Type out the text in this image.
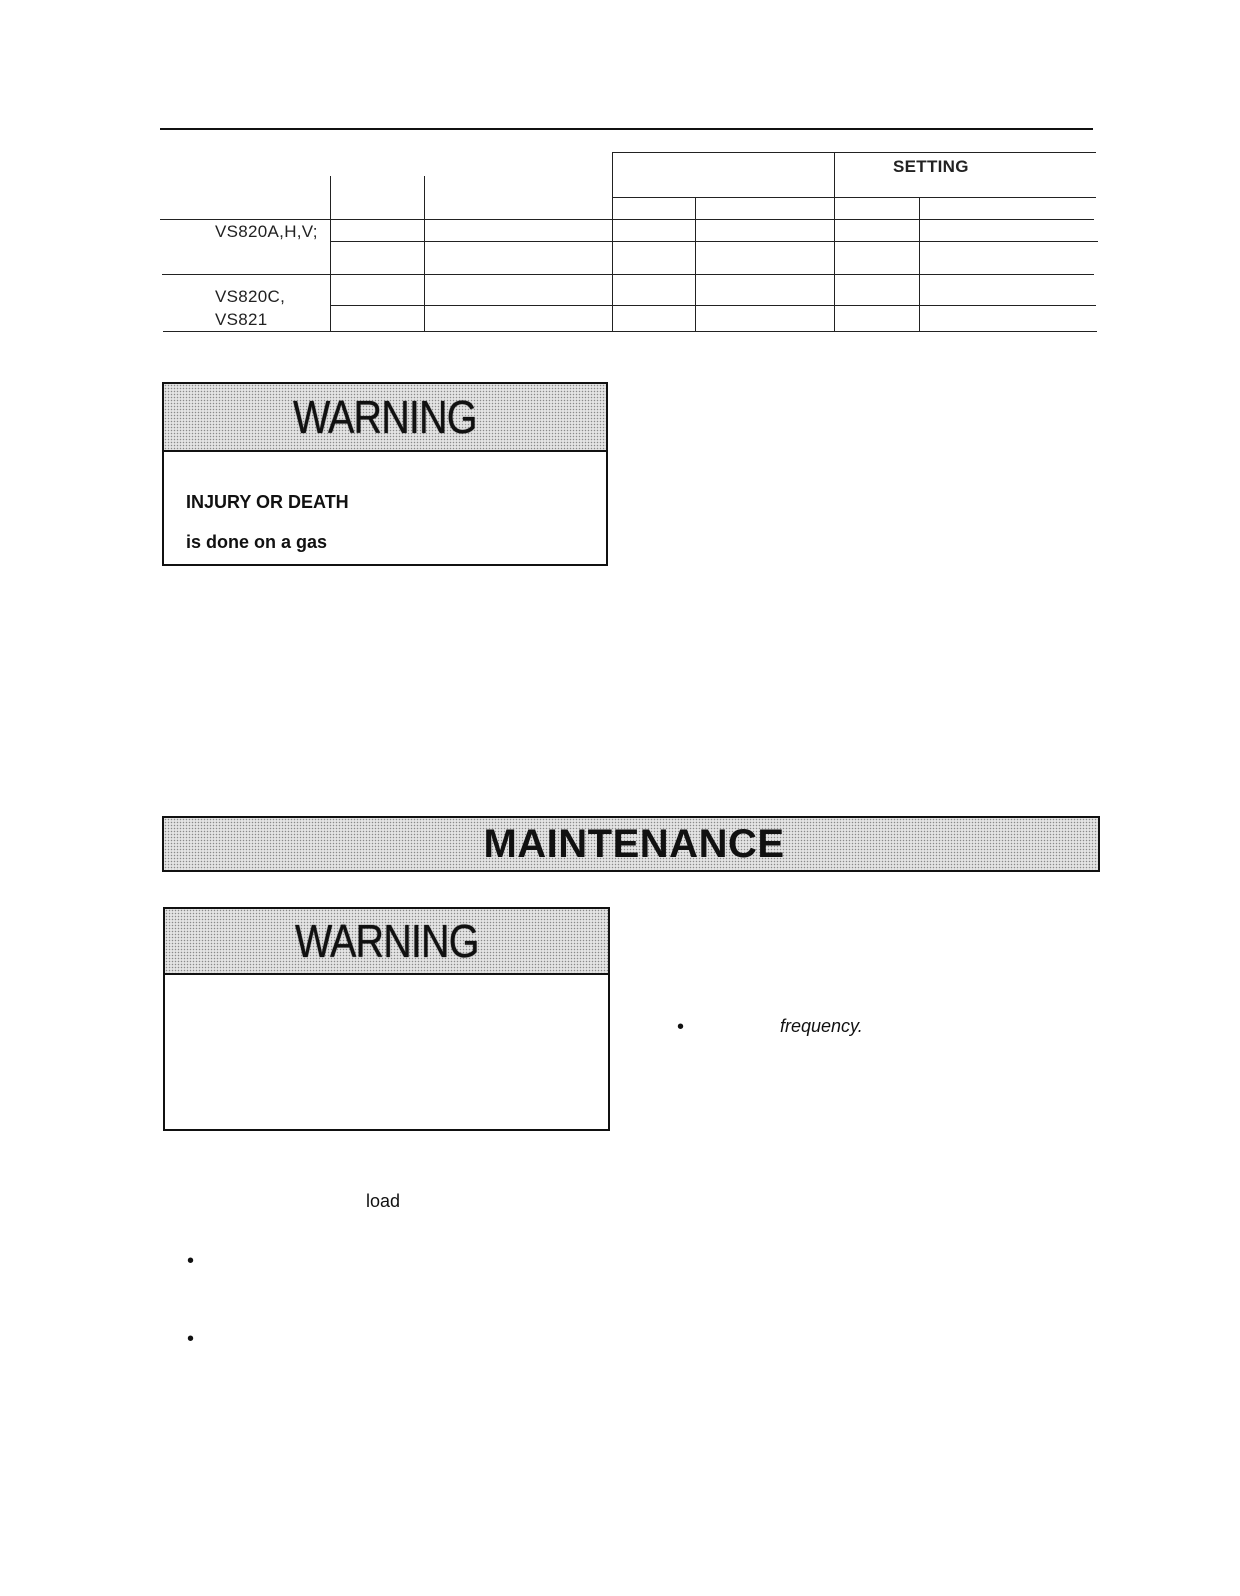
SETTING
VS820A,H,V;
VS820C,
VS821
WARNING
INJURY OR DEATH
is done on a gas
MAINTENANCE
WARNING
•	frequency.
load
•
•
